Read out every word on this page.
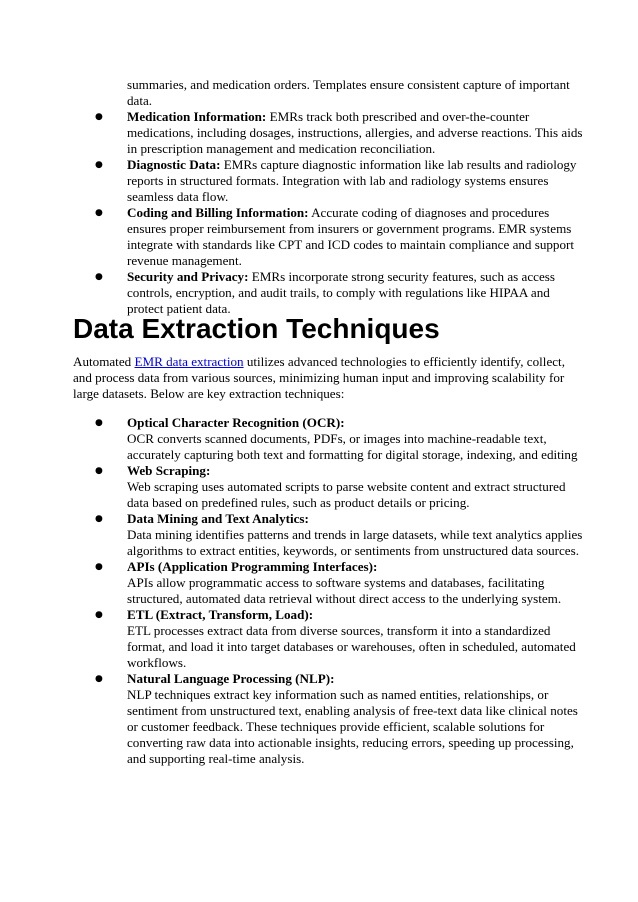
summaries, and medication orders. Templates ensure consistent capture of important data.
● Medication Information: EMRs track both prescribed and over-the-counter medications, including dosages, instructions, allergies, and adverse reactions. This aids in prescription management and medication reconciliation.
● Diagnostic Data: EMRs capture diagnostic information like lab results and radiology reports in structured formats. Integration with lab and radiology systems ensures seamless data flow.
● Coding and Billing Information: Accurate coding of diagnoses and procedures ensures proper reimbursement from insurers or government programs. EMR systems integrate with standards like CPT and ICD codes to maintain compliance and support revenue management.
● Security and Privacy: EMRs incorporate strong security features, such as access controls, encryption, and audit trails, to comply with regulations like HIPAA and protect patient data.
Data Extraction Techniques

Automated EMR data extraction utilizes advanced technologies to efficiently identify, collect, and process data from various sources, minimizing human input and improving scalability for large datasets. Below are key extraction techniques:

● Optical Character Recognition (OCR):
OCR converts scanned documents, PDFs, or images into machine-readable text, accurately capturing both text and formatting for digital storage, indexing, and editing
● Web Scraping:
Web scraping uses automated scripts to parse website content and extract structured data based on predefined rules, such as product details or pricing.
● Data Mining and Text Analytics:
Data mining identifies patterns and trends in large datasets, while text analytics applies algorithms to extract entities, keywords, or sentiments from unstructured data sources.
● APIs (Application Programming Interfaces):
APIs allow programmatic access to software systems and databases, facilitating structured, automated data retrieval without direct access to the underlying system.
● ETL (Extract, Transform, Load):
ETL processes extract data from diverse sources, transform it into a standardized format, and load it into target databases or warehouses, often in scheduled, automated workflows.
● Natural Language Processing (NLP):
NLP techniques extract key information such as named entities, relationships, or sentiment from unstructured text, enabling analysis of free-text data like clinical notes or customer feedback. These techniques provide efficient, scalable solutions for converting raw data into actionable insights, reducing errors, speeding up processing, and supporting real-time analysis.
